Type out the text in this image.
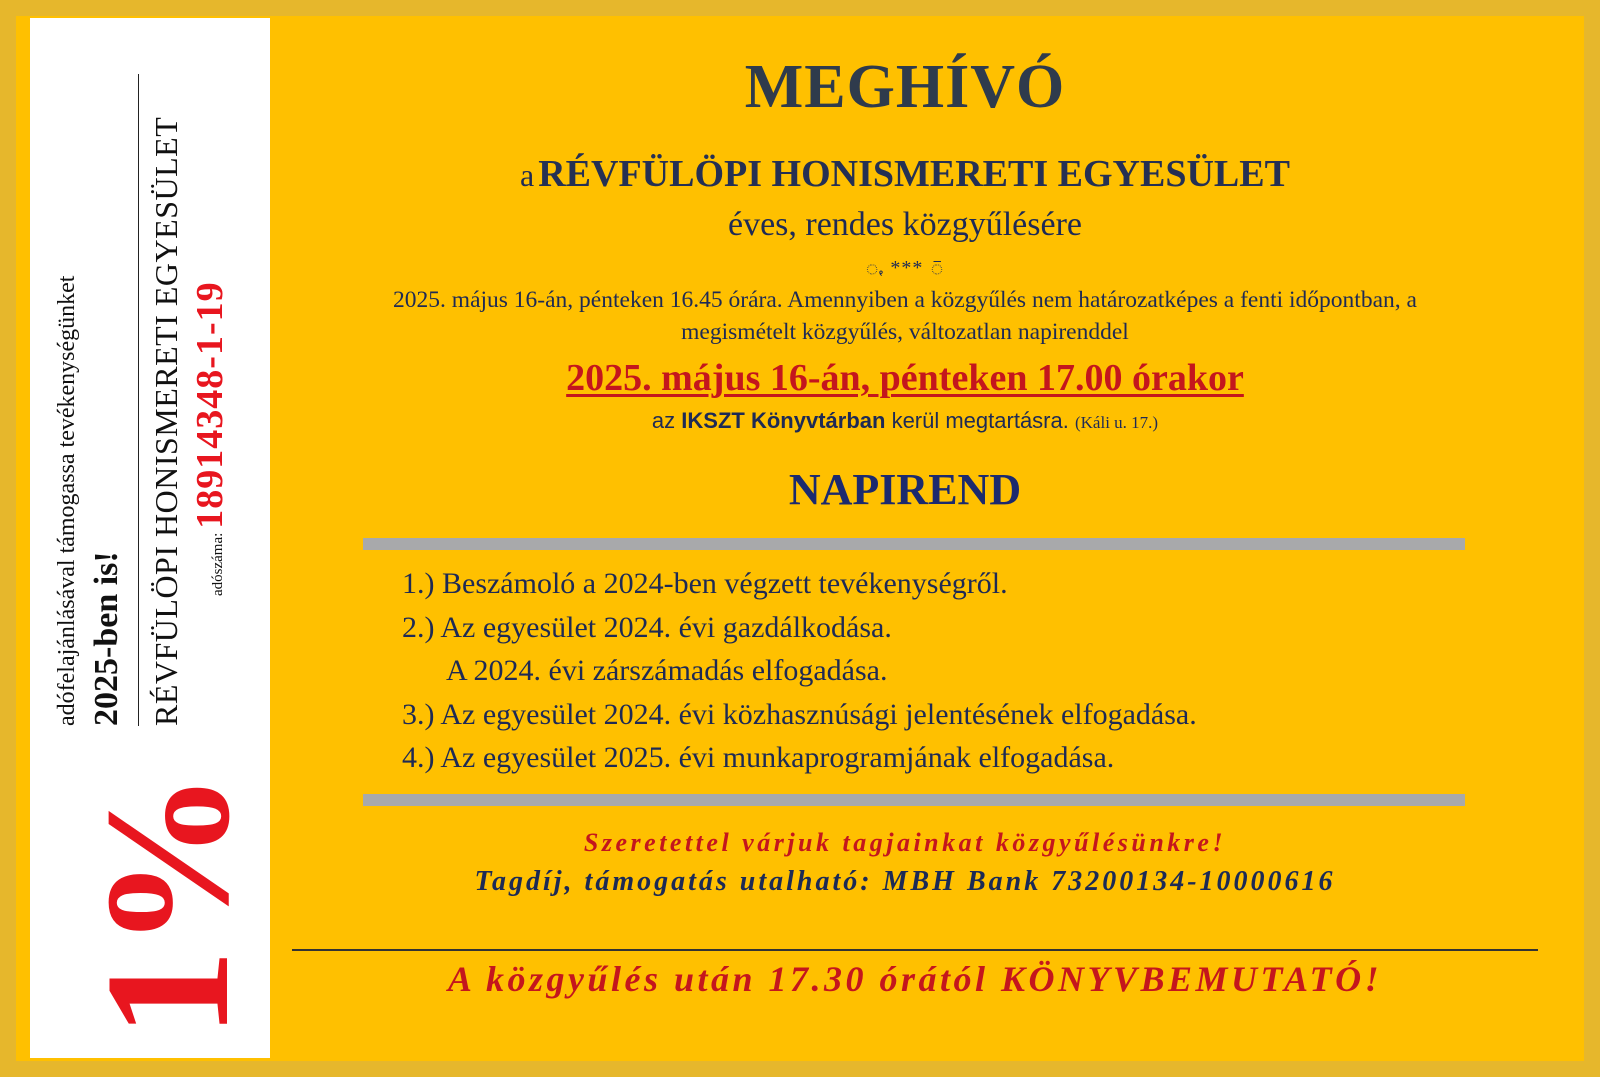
1%
adófelajánlásával támogassa tevékenységünket 2025-ben is! RÉVFÜLÖPI HONISMERETI EGYESÜLET	adószáma: 18914348-1-19
MEGHÍVÓ
a RÉVFÜLÖPI HONISMERETI EGYESÜLET
éves, rendes közgyűlésére
ꩻ *** ꩼ
2025. május 16-án, pénteken 16.45 órára. Amennyiben a közgyűlés nem határozatképes a fenti időpontban, a megismételt közgyűlés, változatlan napirenddel
2025. május 16-án, pénteken 17.00 órakor
az IKSZT Könyvtárban kerül megtartásra. (Káli u. 17.)
NAPIREND
1.) Beszámoló a 2024-ben végzett tevékenységről.
2.) Az egyesület 2024. évi gazdálkodása.
A 2024. évi zárszámadás elfogadása.
3.) Az egyesület 2024. évi közhasznúsági jelentésének elfogadása.
4.) Az egyesület 2025. évi munkaprogramjának elfogadása.
Szeretettel várjuk tagjainkat közgyűlésünkre!
Tagdíj, támogatás utalható: MBH Bank 73200134-10000616
A közgyűlés után 17.30 órától KÖNYVBEMUTATÓ!
